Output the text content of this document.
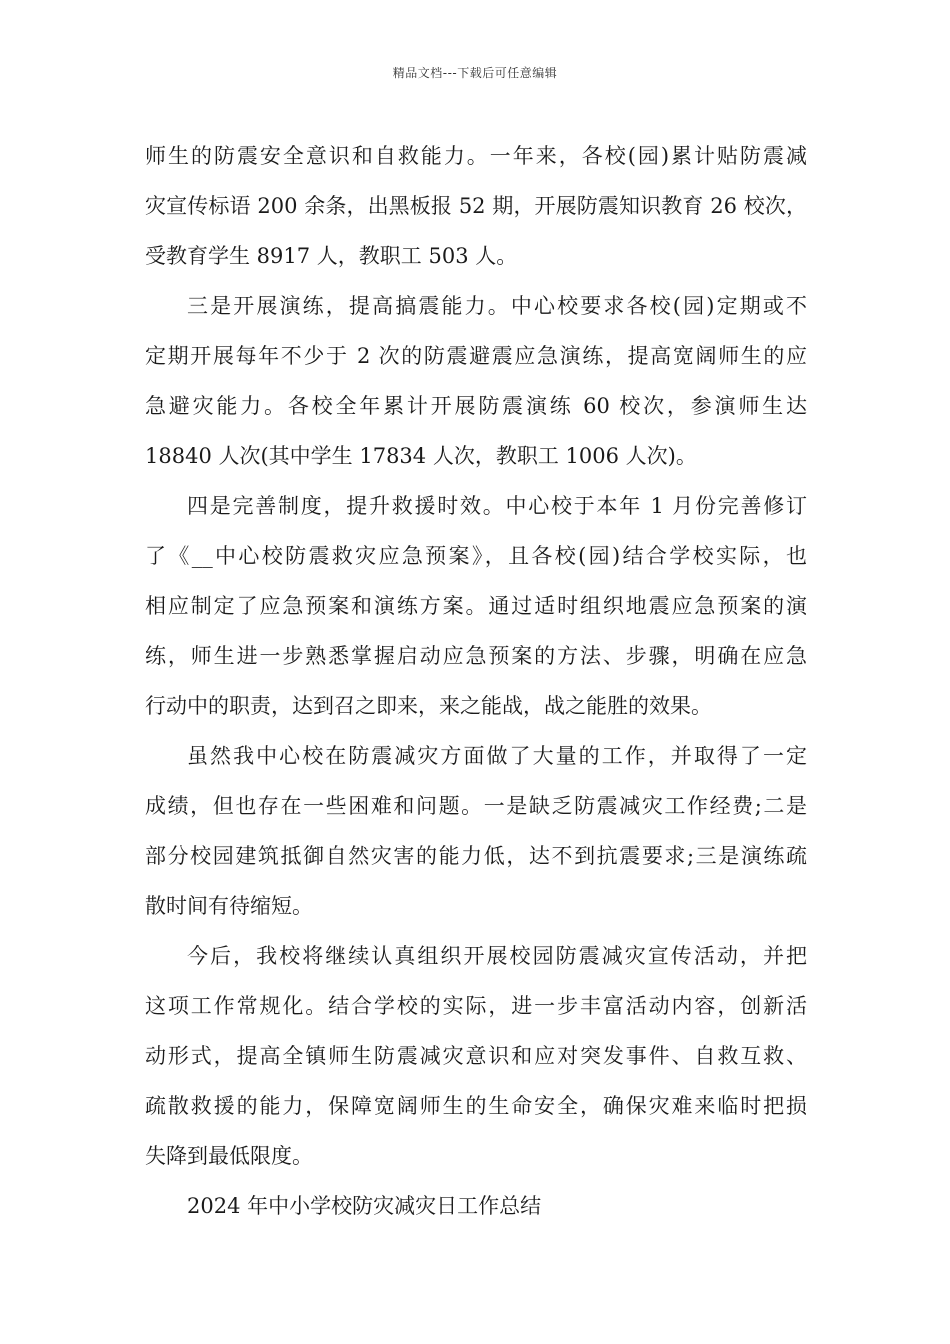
精品文档---下载后可任意编辑
师生的防震安全意识和自救能力。一年来，各校(园)累计贴防震减
灾宣传标语 200 余条，出黑板报 52 期，开展防震知识教育 26 校次，
受教育学生 8917 人，教职工 503 人。
三是开展演练，提高搞震能力。中心校要求各校(园)定期或不
定期开展每年不少于 2 次的防震避震应急演练，提高宽阔师生的应
急避灾能力。各校全年累计开展防震演练 60 校次，参演师生达
18840 人次(其中学生 17834 人次，教职工 1006 人次)。
四是完善制度，提升救援时效。中心校于本年 1 月份完善修订
了《__中心校防震救灾应急预案》，且各校(园)结合学校实际，也
相应制定了应急预案和演练方案。通过适时组织地震应急预案的演
练，师生进一步熟悉掌握启动应急预案的方法、步骤，明确在应急
行动中的职责，达到召之即来，来之能战，战之能胜的效果。
虽然我中心校在防震减灾方面做了大量的工作，并取得了一定
成绩，但也存在一些困难和问题。一是缺乏防震减灾工作经费;二是
部分校园建筑抵御自然灾害的能力低，达不到抗震要求;三是演练疏
散时间有待缩短。
今后，我校将继续认真组织开展校园防震减灾宣传活动，并把
这项工作常规化。结合学校的实际，进一步丰富活动内容，创新活
动形式，提高全镇师生防震减灾意识和应对突发事件、自救互救、
疏散救援的能力，保障宽阔师生的生命安全，确保灾难来临时把损
失降到最低限度。
2024 年中小学校防灾减灾日工作总结
